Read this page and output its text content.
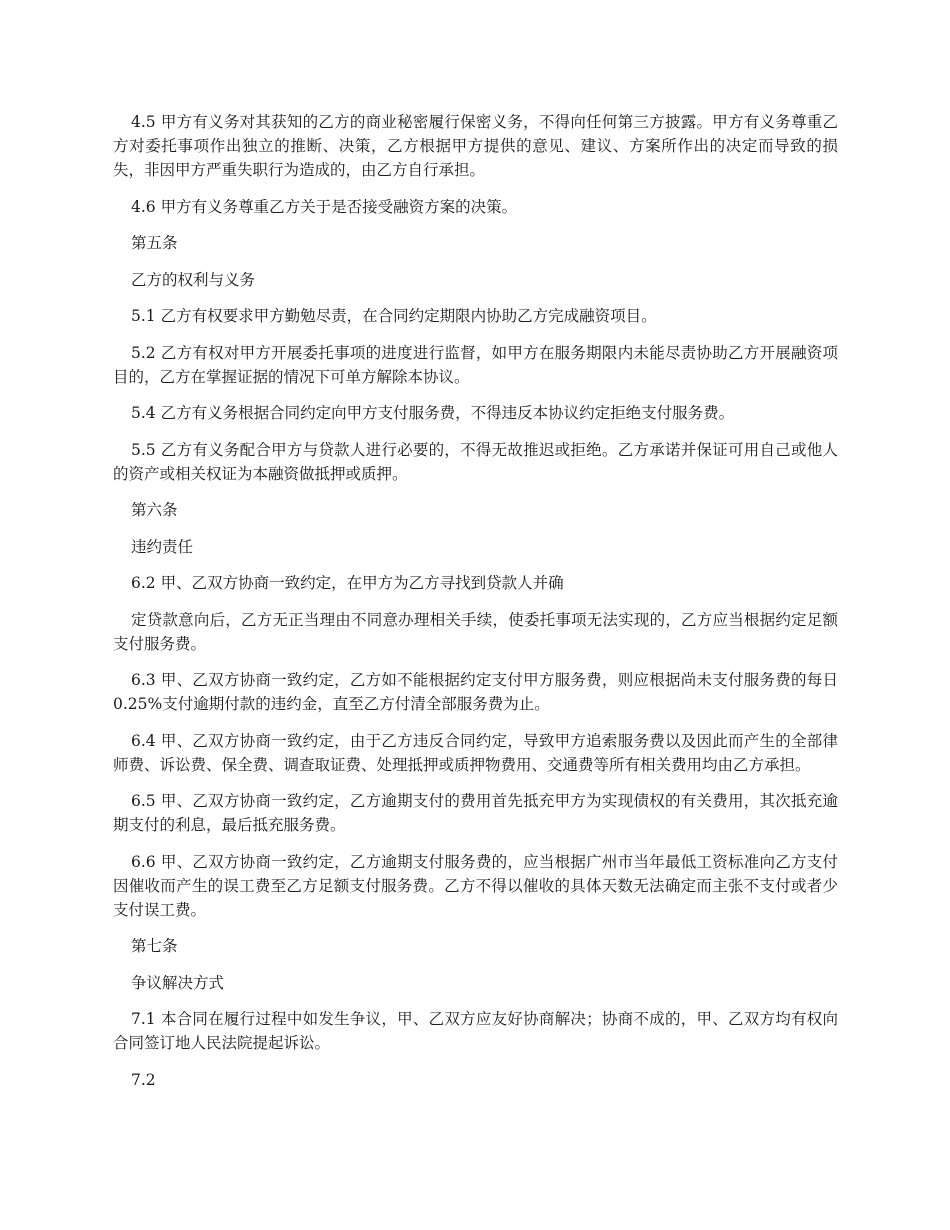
4.5 甲方有义务对其获知的乙方的商业秘密履行保密义务，不得向任何第三方披露。甲方有义务尊重乙方对委托事项作出独立的推断、决策，乙方根据甲方提供的意见、建议、方案所作出的决定而导致的损失，非因甲方严重失职行为造成的，由乙方自行承担。

4.6 甲方有义务尊重乙方关于是否接受融资方案的决策。

第五条

乙方的权利与义务

5.1 乙方有权要求甲方勤勉尽责，在合同约定期限内协助乙方完成融资项目。

5.2 乙方有权对甲方开展委托事项的进度进行监督，如甲方在服务期限内未能尽责协助乙方开展融资项目的，乙方在掌握证据的情况下可单方解除本协议。

5.4 乙方有义务根据合同约定向甲方支付服务费，不得违反本协议约定拒绝支付服务费。

5.5 乙方有义务配合甲方与贷款人进行必要的，不得无故推迟或拒绝。乙方承诺并保证可用自己或他人的资产或相关权证为本融资做抵押或质押。

第六条

违约责任

6.2 甲、乙双方协商一致约定，在甲方为乙方寻找到贷款人并确

定贷款意向后，乙方无正当理由不同意办理相关手续，使委托事项无法实现的，乙方应当根据约定足额支付服务费。

6.3 甲、乙双方协商一致约定，乙方如不能根据约定支付甲方服务费，则应根据尚未支付服务费的每日 0.25%支付逾期付款的违约金，直至乙方付清全部服务费为止。

6.4 甲、乙双方协商一致约定，由于乙方违反合同约定，导致甲方追索服务费以及因此而产生的全部律师费、诉讼费、保全费、调查取证费、处理抵押或质押物费用、交通费等所有相关费用均由乙方承担。

6.5 甲、乙双方协商一致约定，乙方逾期支付的费用首先抵充甲方为实现债权的有关费用，其次抵充逾期支付的利息，最后抵充服务费。

6.6 甲、乙双方协商一致约定，乙方逾期支付服务费的，应当根据广州市当年最低工资标准向乙方支付因催收而产生的误工费至乙方足额支付服务费。乙方不得以催收的具体天数无法确定而主张不支付或者少支付误工费。

第七条

争议解决方式

7.1 本合同在履行过程中如发生争议，甲、乙双方应友好协商解决；协商不成的，甲、乙双方均有权向合同签订地人民法院提起诉讼。

7.2
